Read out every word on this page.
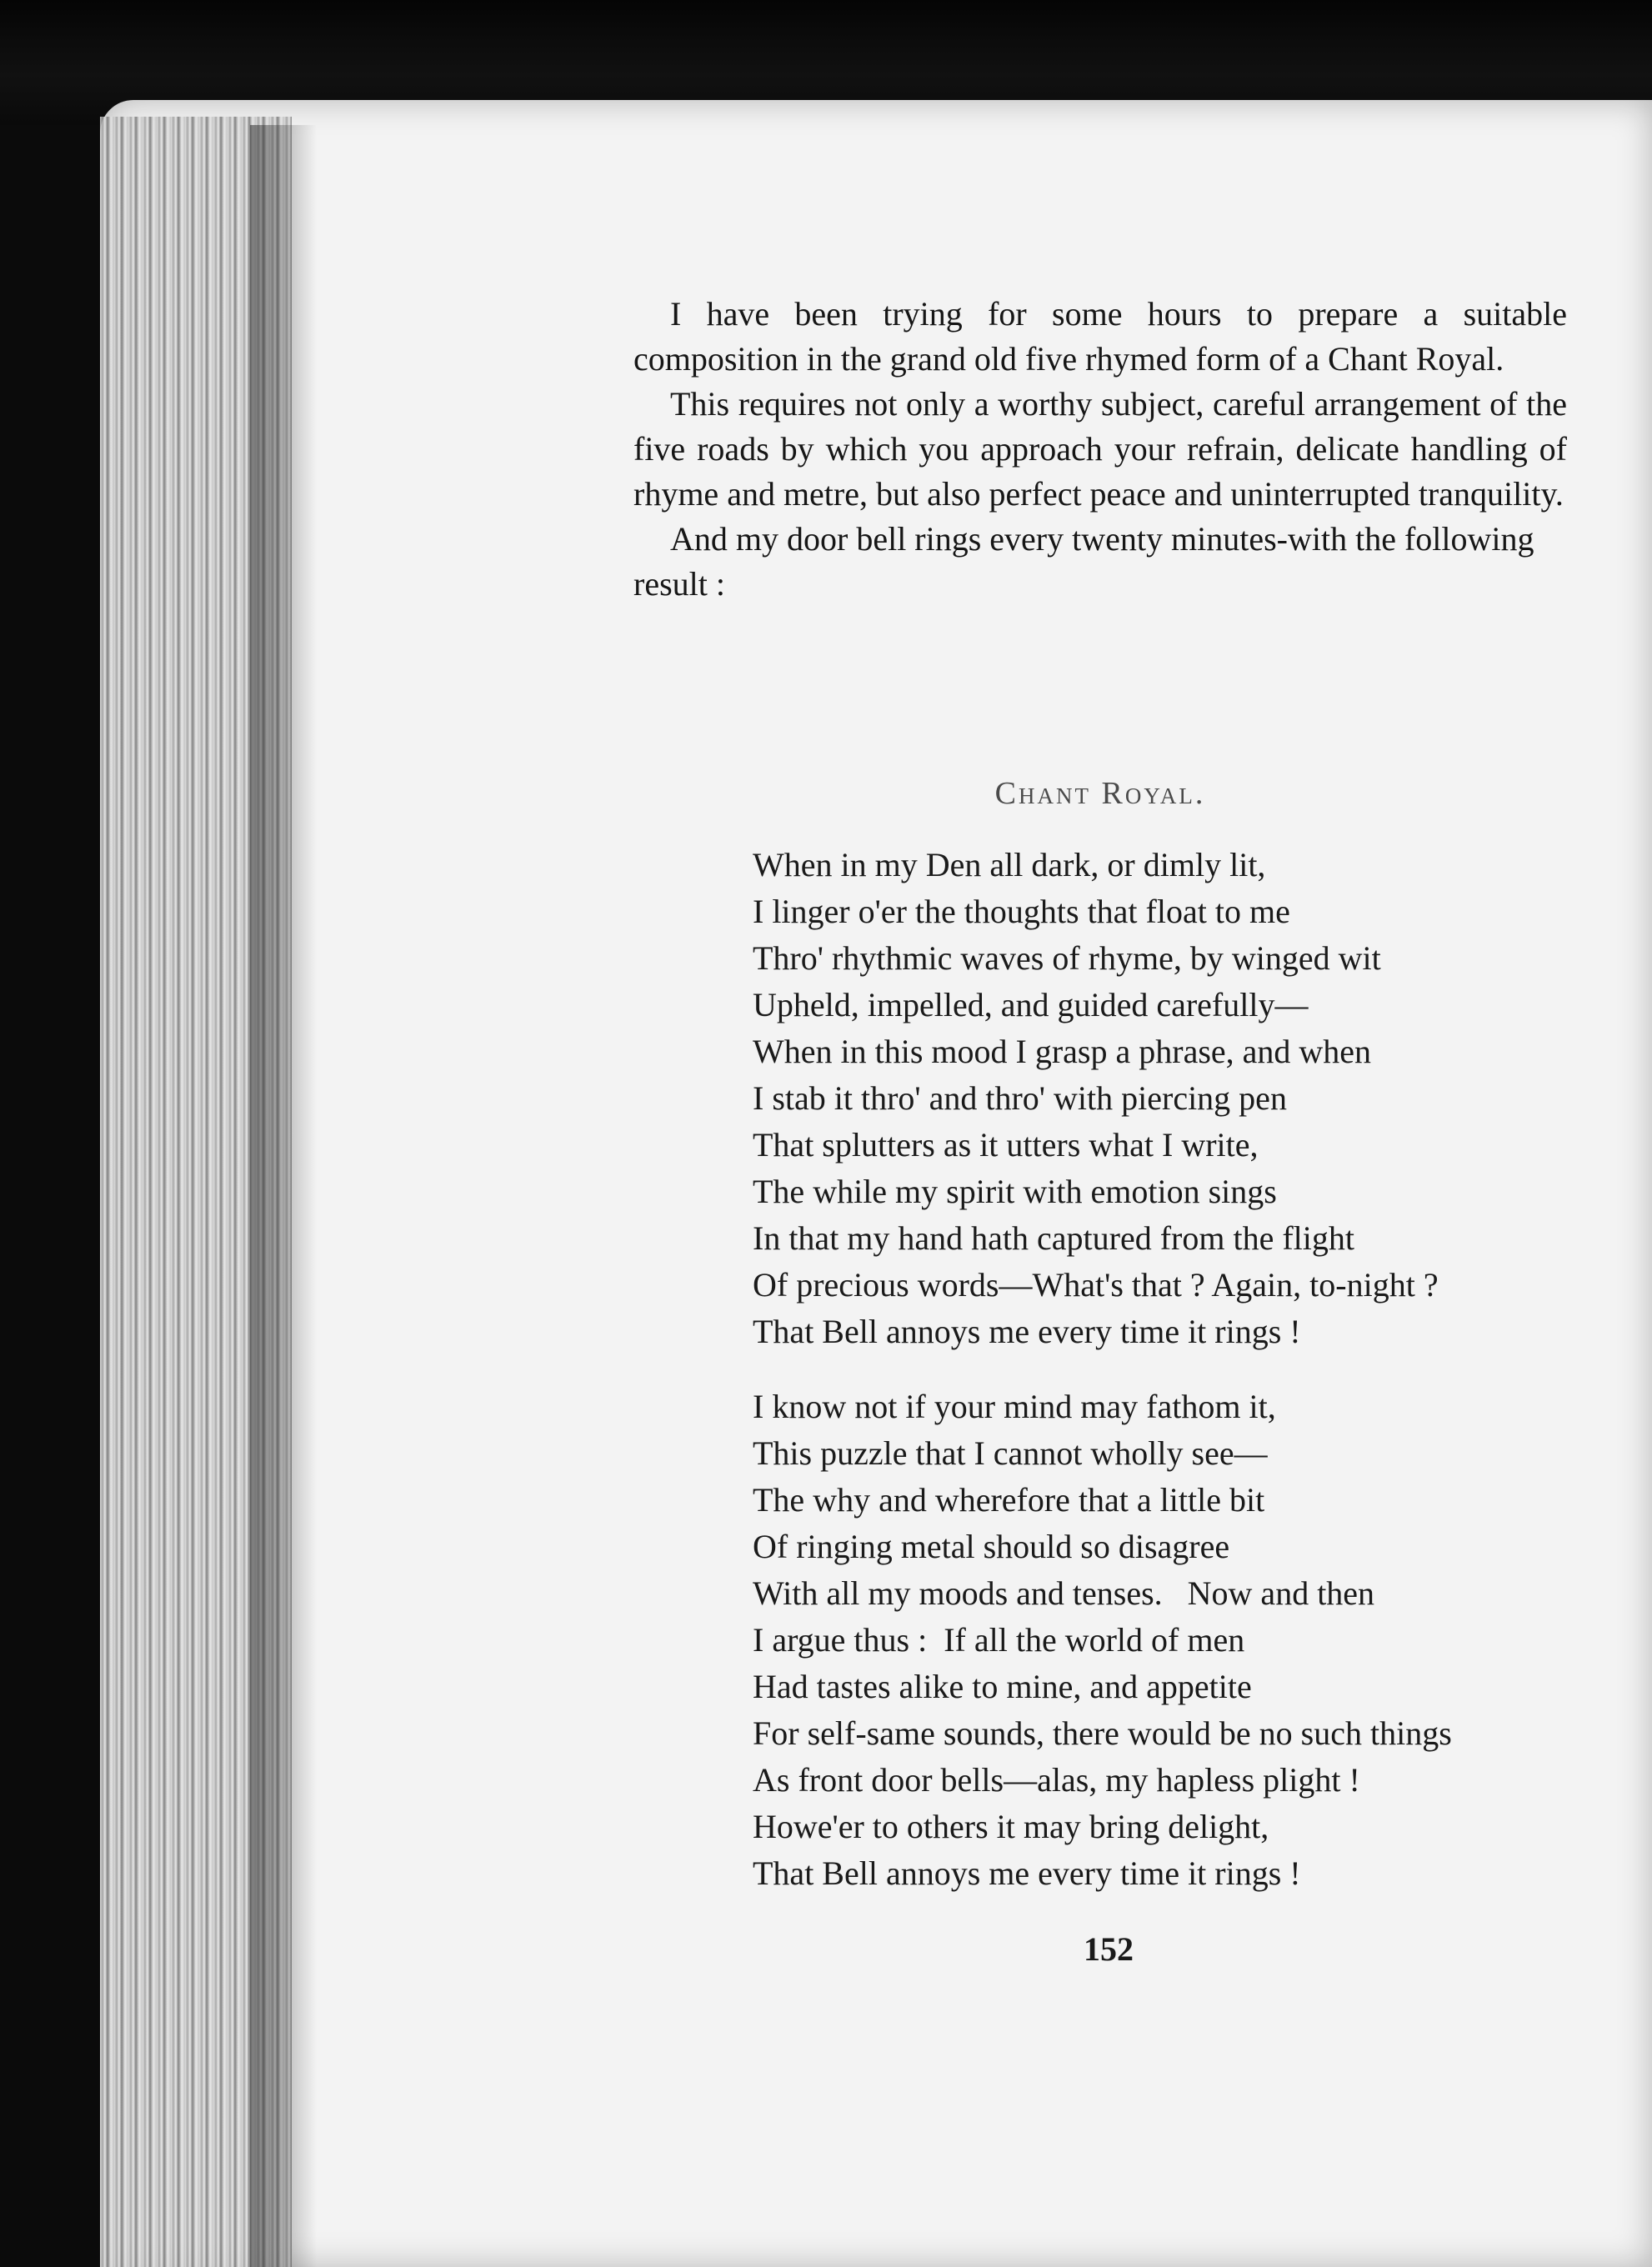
I have been trying for some hours to prepare a suitable composition in the grand old five rhymed form of a Chant Royal.

This requires not only a worthy subject, careful arrangement of the five roads by which you approach your refrain, delicate handling of rhyme and metre, but also perfect peace and uninterrupted tranquility.

And my door bell rings every twenty minutes-with the following result :

Chant Royal.
When in my Den all dark, or dimly lit,
I linger o'er the thoughts that float to me
Thro' rhythmic waves of rhyme, by winged wit
Upheld, impelled, and guided carefully—
When in this mood I grasp a phrase, and when
I stab it thro' and thro' with piercing pen
That splutters as it utters what I write,
The while my spirit with emotion sings
In that my hand hath captured from the flight
Of precious words—What's that ? Again, to-night ?
That Bell annoys me every time it rings !
I know not if your mind may fathom it,
This puzzle that I cannot wholly see—
The why and wherefore that a little bit
Of ringing metal should so disagree
With all my moods and tenses.   Now and then
I argue thus :  If all the world of men
Had tastes alike to mine, and appetite
For self-same sounds, there would be no such things
As front door bells—alas, my hapless plight !
Howe'er to others it may bring delight,
That Bell annoys me every time it rings !
152
